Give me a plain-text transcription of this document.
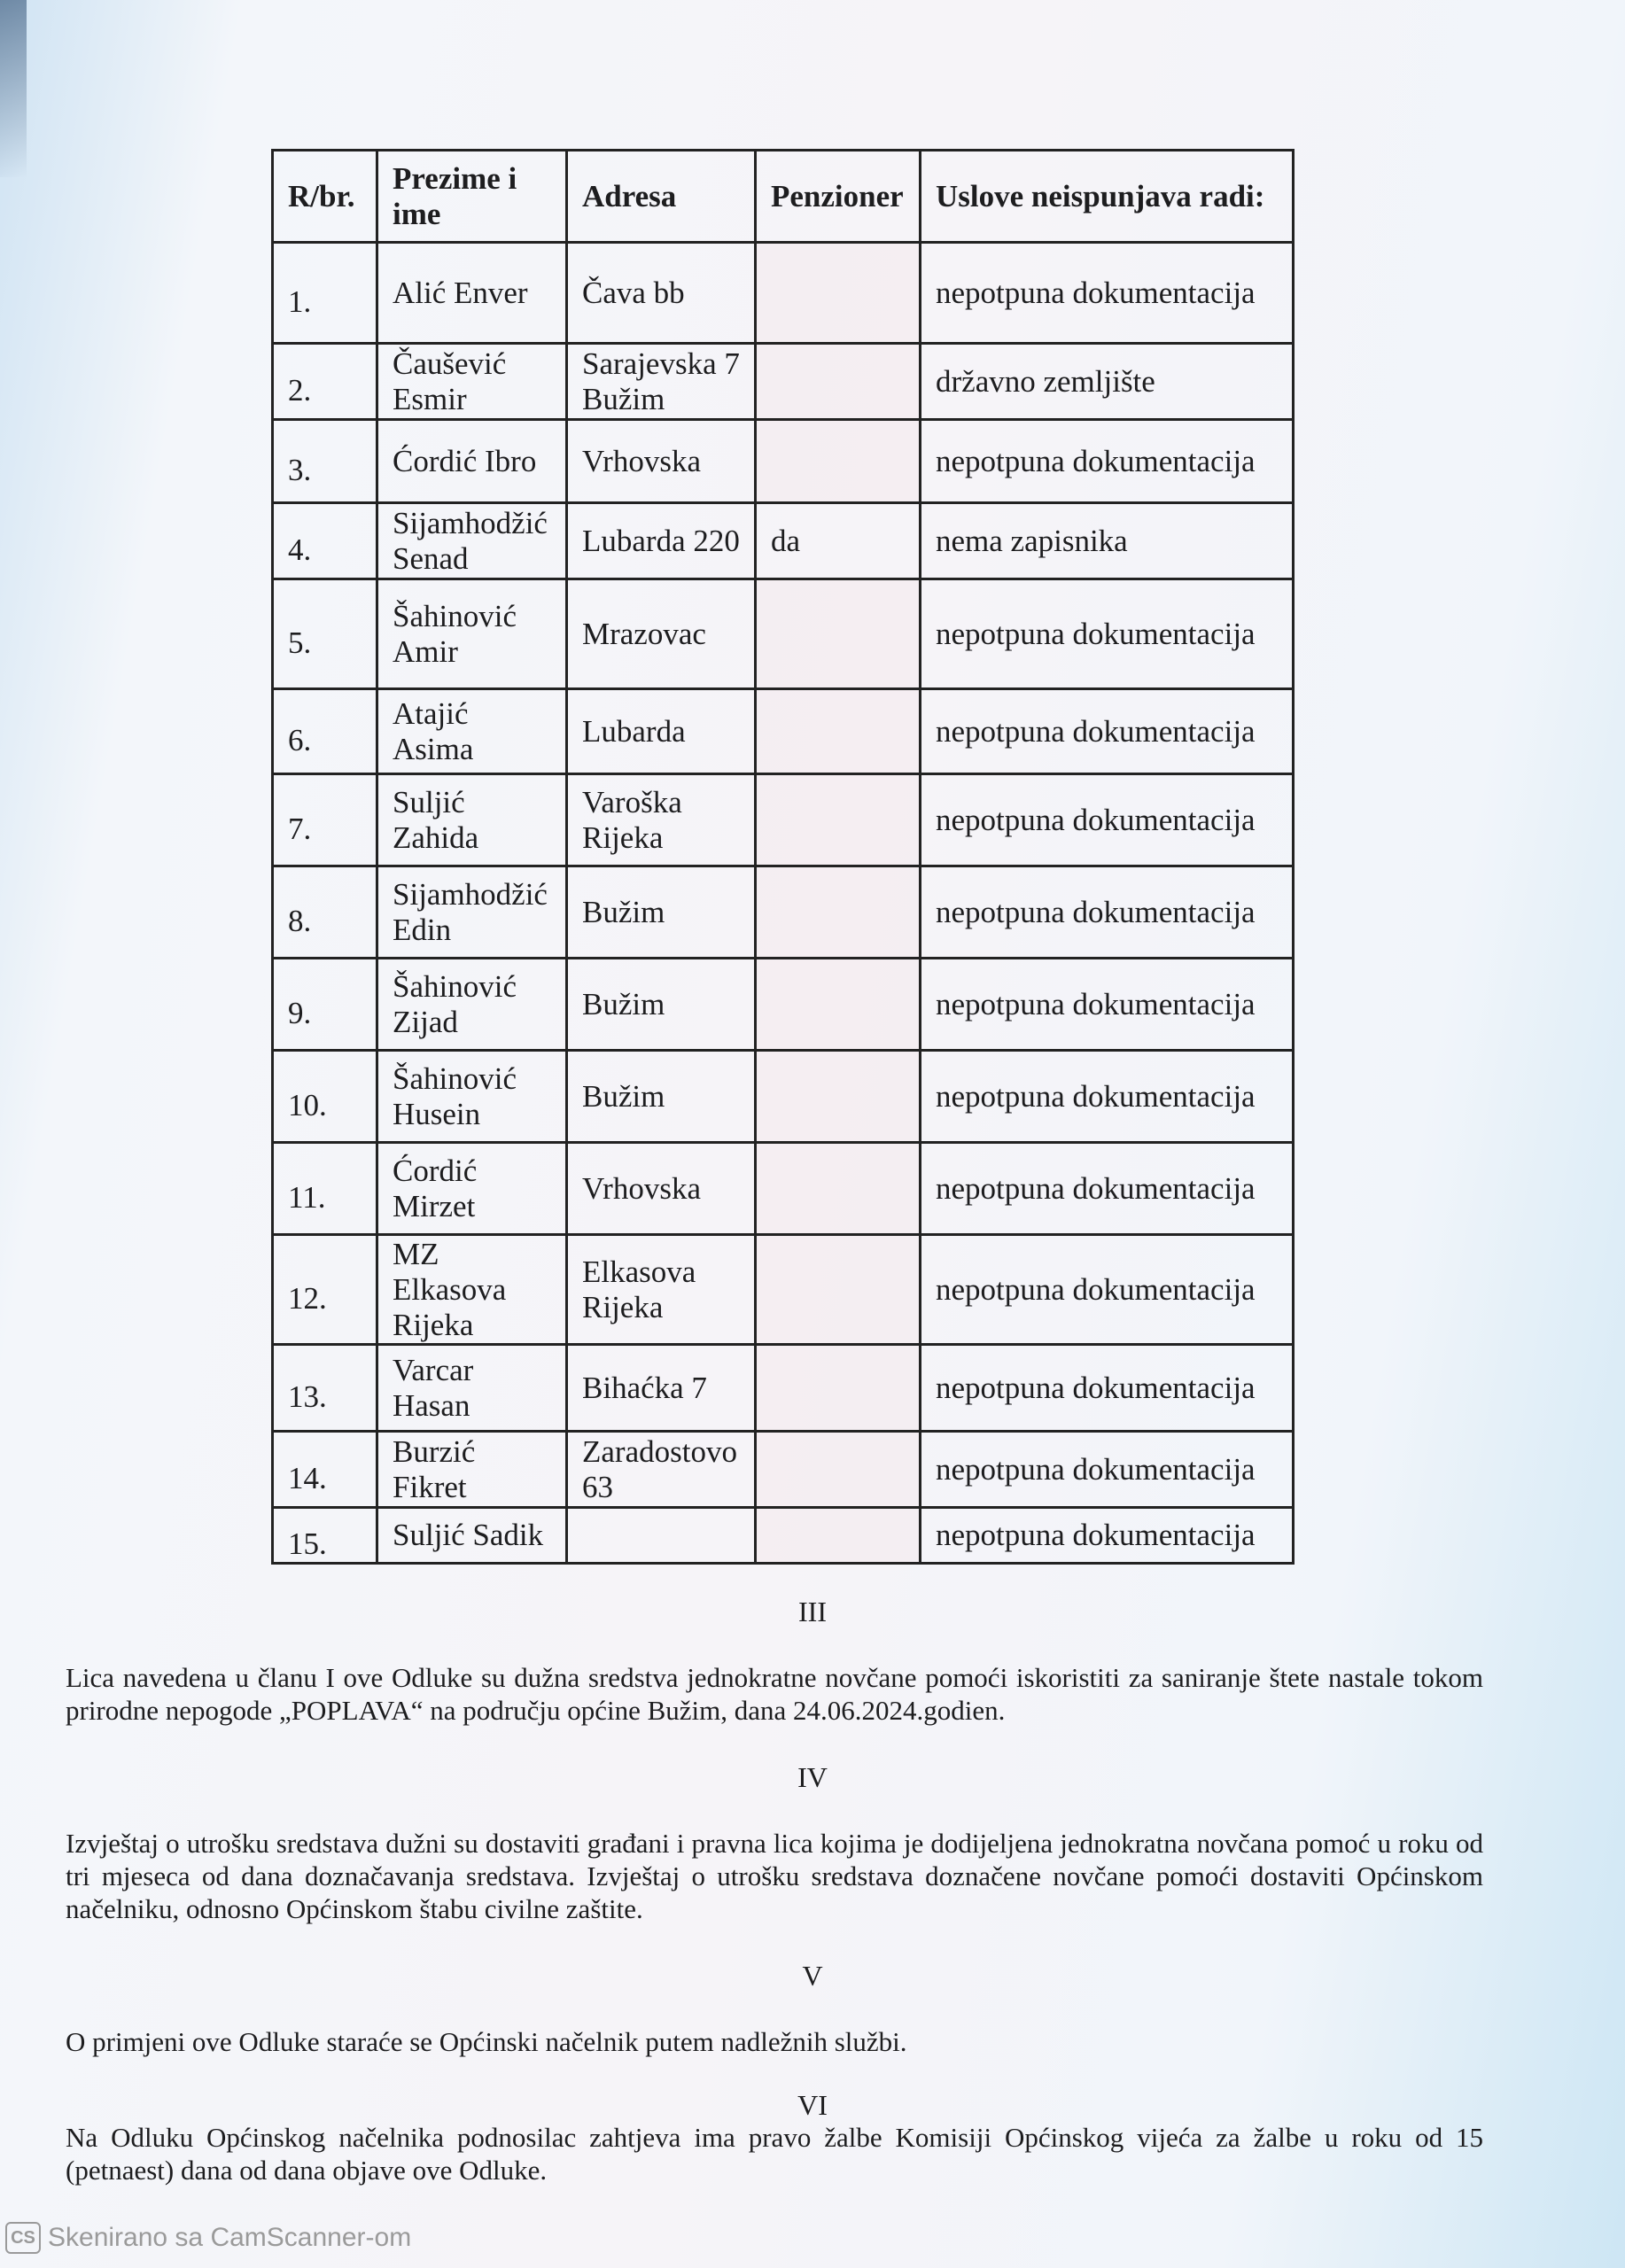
R/br.	Prezime i ime	Adresa	Penzioner	Uslove neispunjava radi:
1.	Alić Enver	Čava bb		nepotpuna dokumentacija
2.	Čaušević Esmir	Sarajevska 7 Bužim		državno zemljište
3.	Ćordić Ibro	Vrhovska		nepotpuna dokumentacija
4.	Sijamhodžić Senad	Lubarda 220	da	nema zapisnika
5.	Šahinović Amir	Mrazovac		nepotpuna dokumentacija
6.	Atajić Asima	Lubarda		nepotpuna dokumentacija
7.	Suljić Zahida	Varoška Rijeka		nepotpuna dokumentacija
8.	Sijamhodžić Edin	Bužim		nepotpuna dokumentacija
9.	Šahinović Zijad	Bužim		nepotpuna dokumentacija
10.	Šahinović Husein	Bužim		nepotpuna dokumentacija
11.	Ćordić Mirzet	Vrhovska		nepotpuna dokumentacija
12.	MZ Elkasova Rijeka	Elkasova Rijeka		nepotpuna dokumentacija
13.	Varcar Hasan	Bihaćka 7		nepotpuna dokumentacija
14.	Burzić Fikret	Zaradostovo 63		nepotpuna dokumentacija
15.	Suljić Sadik			nepotpuna dokumentacija
III
Lica navedena u članu I ove Odluke su dužna sredstva jednokratne novčane pomoći iskoristiti za saniranje štete nastale tokom prirodne nepogode „POPLAVA“ na području općine Bužim, dana 24.06.2024.godien.
IV
Izvještaj o utrošku sredstava dužni su dostaviti građani i pravna lica kojima je dodijeljena jednokratna novčana pomoć u roku od tri mjeseca od dana doznačavanja sredstava. Izvještaj o utrošku sredstava doznačene novčane pomoći dostaviti Općinskom načelniku, odnosno Općinskom štabu civilne zaštite.
V
O primjeni ove Odluke staraće se Općinski načelnik putem nadležnih službi.
VI
Na Odluku Općinskog načelnika podnosilac zahtjeva ima pravo žalbe Komisiji Općinskog vijeća za žalbe u roku od 15 (petnaest) dana od dana objave ove Odluke.
CS Skenirano sa CamScanner-om
